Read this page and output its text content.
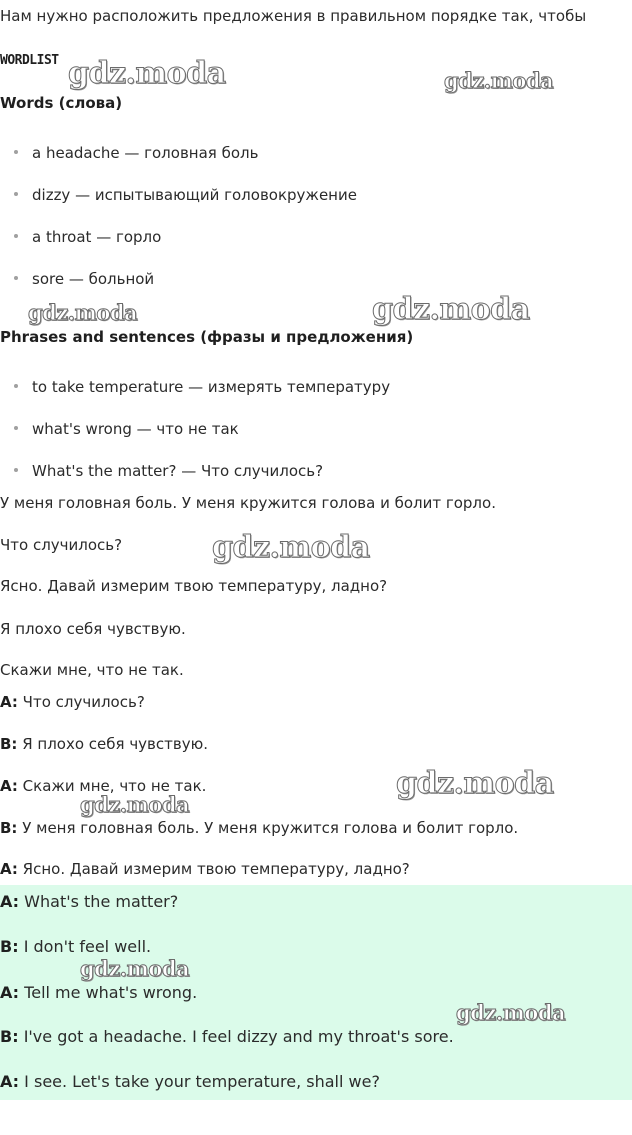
Нам нужно расположить предложения в правильном порядке так, чтобы
WORDLIST
Words (слова)
a headache — головная боль
dizzy — испытывающий головокружение
a throat — горло
sore — больной
Phrases and sentences (фразы и предложения)
to take temperature — измерять температуру
what's wrong — что не так
What's the matter? — Что случилось?
У меня головная боль. У меня кружится голова и болит горло.
Что случилось?
Ясно. Давай измерим твою температуру, ладно?
Я плохо себя чувствую.
Скажи мне, что не так.
A: Что случилось?
B: Я плохо себя чувствую.
A: Скажи мне, что не так.
B: У меня головная боль. У меня кружится голова и болит горло.
A: Ясно. Давай измерим твою температуру, ладно?
A: What's the matter?
B: I don't feel well.
A: Tell me what's wrong.
B: I've got a headache. I feel dizzy and my throat's sore.
A: I see. Let's take your temperature, shall we?
gdz.moda	gdz.moda
gdz.moda	gdz.moda
gdz.moda
gdz.moda
gdz.moda
gdz.moda
gdz.moda
